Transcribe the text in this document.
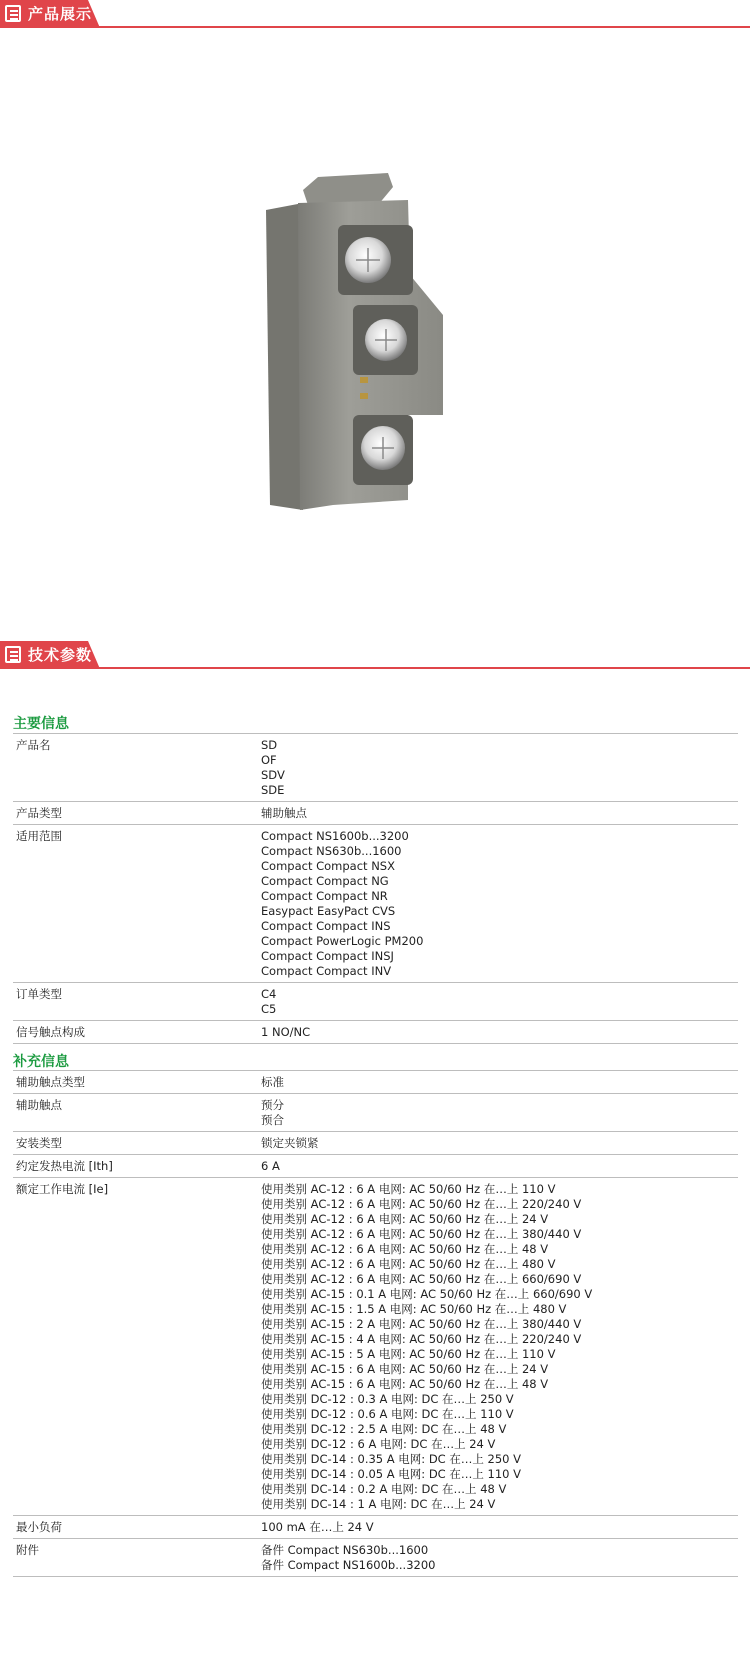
产品展示
技术参数
主要信息
产品名	SD
OF
SDV
SDE
产品类型	辅助触点
适用范围	Compact NS1600b...3200
Compact NS630b...1600
Compact Compact NSX
Compact Compact NG
Compact Compact NR
Easypact EasyPact CVS
Compact Compact INS
Compact PowerLogic PM200
Compact Compact INSJ
Compact Compact INV
订单类型	C4
C5
信号触点构成	1 NO/NC
补充信息
辅助触点类型	标准
辅助触点	预分
预合
安装类型	锁定夹锁紧
约定发热电流 [Ith]	6 A
额定工作电流 [Ie]	使用类别 AC-12 : 6 A 电网: AC 50/60 Hz 在…上 110 V
使用类别 AC-12 : 6 A 电网: AC 50/60 Hz 在…上 220/240 V
使用类别 AC-12 : 6 A 电网: AC 50/60 Hz 在…上 24 V
使用类别 AC-12 : 6 A 电网: AC 50/60 Hz 在…上 380/440 V
使用类别 AC-12 : 6 A 电网: AC 50/60 Hz 在…上 48 V
使用类别 AC-12 : 6 A 电网: AC 50/60 Hz 在…上 480 V
使用类别 AC-12 : 6 A 电网: AC 50/60 Hz 在…上 660/690 V
使用类别 AC-15 : 0.1 A 电网: AC 50/60 Hz 在…上 660/690 V
使用类别 AC-15 : 1.5 A 电网: AC 50/60 Hz 在…上 480 V
使用类别 AC-15 : 2 A 电网: AC 50/60 Hz 在…上 380/440 V
使用类别 AC-15 : 4 A 电网: AC 50/60 Hz 在…上 220/240 V
使用类别 AC-15 : 5 A 电网: AC 50/60 Hz 在…上 110 V
使用类别 AC-15 : 6 A 电网: AC 50/60 Hz 在…上 24 V
使用类别 AC-15 : 6 A 电网: AC 50/60 Hz 在…上 48 V
使用类别 DC-12 : 0.3 A 电网: DC 在…上 250 V
使用类别 DC-12 : 0.6 A 电网: DC 在…上 110 V
使用类别 DC-12 : 2.5 A 电网: DC 在…上 48 V
使用类别 DC-12 : 6 A 电网: DC 在…上 24 V
使用类别 DC-14 : 0.35 A 电网: DC 在…上 250 V
使用类别 DC-14 : 0.05 A 电网: DC 在…上 110 V
使用类别 DC-14 : 0.2 A 电网: DC 在…上 48 V
使用类别 DC-14 : 1 A 电网: DC 在…上 24 V
最小负荷	100 mA 在…上 24 V
附件	备件 Compact NS630b...1600
备件 Compact NS1600b...3200
